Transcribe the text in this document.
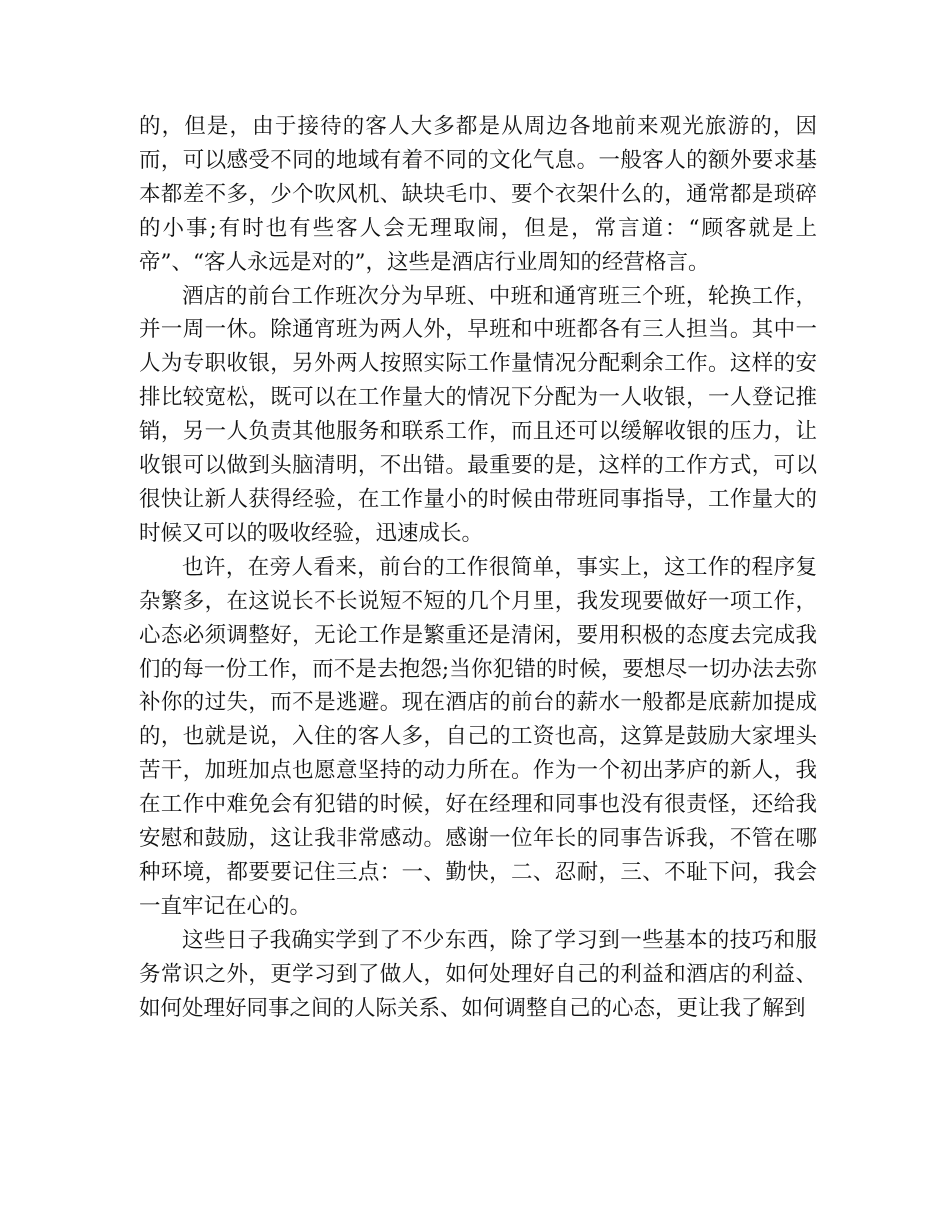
的，但是，由于接待的客人大多都是从周边各地前来观光旅游的，因而，可以感受不同的地域有着不同的文化气息。一般客人的额外要求基本都差不多，少个吹风机、缺块毛巾、要个衣架什么的，通常都是琐碎的小事;有时也有些客人会无理取闹，但是，常言道：“顾客就是上帝”、“客人永远是对的”，这些是酒店行业周知的经营格言。

酒店的前台工作班次分为早班、中班和通宵班三个班，轮换工作，并一周一休。除通宵班为两人外，早班和中班都各有三人担当。其中一人为专职收银，另外两人按照实际工作量情况分配剩余工作。这样的安排比较宽松，既可以在工作量大的情况下分配为一人收银，一人登记推销，另一人负责其他服务和联系工作，而且还可以缓解收银的压力，让收银可以做到头脑清明，不出错。最重要的是，这样的工作方式，可以很快让新人获得经验，在工作量小的时候由带班同事指导，工作量大的时候又可以的吸收经验，迅速成长。

也许，在旁人看来，前台的工作很简单，事实上，这工作的程序复杂繁多，在这说长不长说短不短的几个月里，我发现要做好一项工作，心态必须调整好，无论工作是繁重还是清闲，要用积极的态度去完成我们的每一份工作，而不是去抱怨;当你犯错的时候，要想尽一切办法去弥补你的过失，而不是逃避。现在酒店的前台的薪水一般都是底薪加提成的，也就是说，入住的客人多，自己的工资也高，这算是鼓励大家埋头苦干，加班加点也愿意坚持的动力所在。作为一个初出茅庐的新人，我在工作中难免会有犯错的时候，好在经理和同事也没有很责怪，还给我安慰和鼓励，这让我非常感动。感谢一位年长的同事告诉我，不管在哪种环境，都要要记住三点：一、勤快，二、忍耐，三、不耻下问，我会一直牢记在心的。

这些日子我确实学到了不少东西，除了学习到一些基本的技巧和服务常识之外，更学习到了做人，如何处理好自己的利益和酒店的利益、如何处理好同事之间的人际关系、如何调整自己的心态，更让我了解到
